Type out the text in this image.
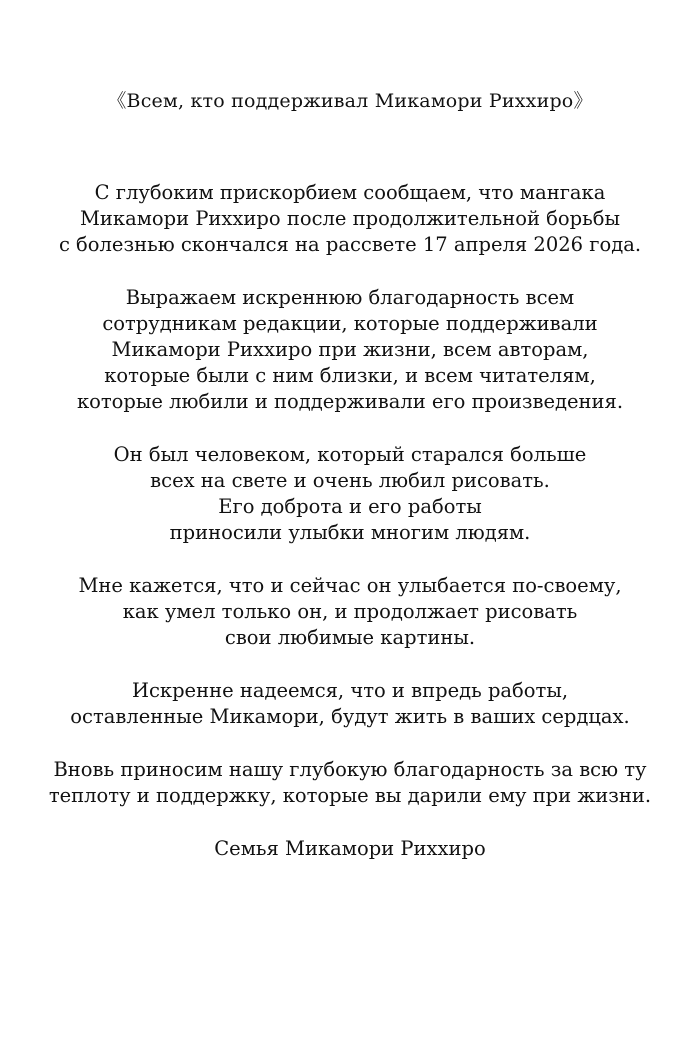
《Всем, кто поддерживал Микамори Рихxиро》

С глубоким прискорбием сообщаем, что мангака
Микамори Рихxиро после продолжительной борьбы
с болезнью скончался на рассвете 17 апреля 2026 года.

Выражаем искреннюю благодарность всем
сотрудникам редакции, которые поддерживали
Микамори Рихxиро при жизни, всем авторам,
которые были с ним близки, и всем читателям,
которые любили и поддерживали его произведения.

Он был человеком, который старался больше
всех на свете и очень любил рисовать.
Его доброта и его работы
приносили улыбки многим людям.

Мне кажется, что и сейчас он улыбается по-своему,
как умел только он, и продолжает рисовать
свои любимые картины.

Искренне надеемся, что и впредь работы,
оставленные Микамори, будут жить в ваших сердцах.

Вновь приносим нашу глубокую благодарность за всю ту
теплоту и поддержку, которые вы дарили ему при жизни.

Семья Микамори Рихxиро
